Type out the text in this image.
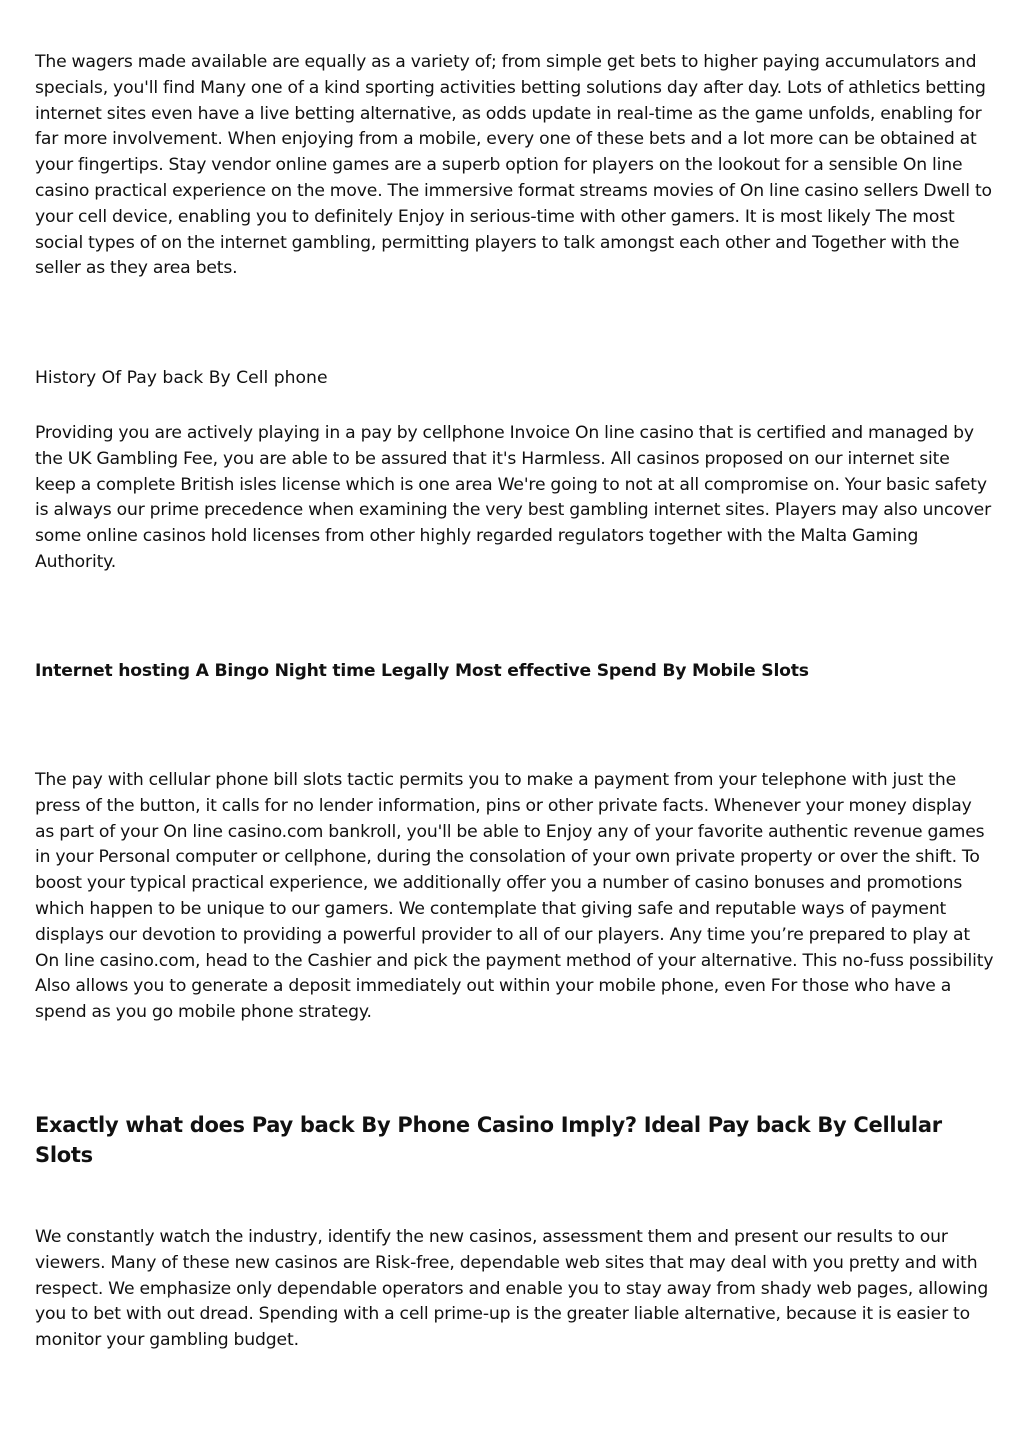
The wagers made available are equally as a variety of; from simple get bets to higher paying accumulators and specials, you'll find Many one of a kind sporting activities betting solutions day after day. Lots of athletics betting internet sites even have a live betting alternative, as odds update in real-time as the game unfolds, enabling for far more involvement. When enjoying from a mobile, every one of these bets and a lot more can be obtained at your fingertips. Stay vendor online games are a superb option for players on the lookout for a sensible On line casino practical experience on the move. The immersive format streams movies of On line casino sellers Dwell to your cell device, enabling you to definitely Enjoy in serious-time with other gamers. It is most likely The most social types of on the internet gambling, permitting players to talk amongst each other and Together with the seller as they area bets.

History Of Pay back By Cell phone

Providing you are actively playing in a pay by cellphone Invoice On line casino that is certified and managed by the UK Gambling Fee, you are able to be assured that it's Harmless. All casinos proposed on our internet site keep a complete British isles license which is one area We're going to not at all compromise on. Your basic safety is always our prime precedence when examining the very best gambling internet sites. Players may also uncover some online casinos hold licenses from other highly regarded regulators together with the Malta Gaming Authority.

Internet hosting A Bingo Night time Legally Most effective Spend By Mobile Slots

The pay with cellular phone bill slots tactic permits you to make a payment from your telephone with just the press of the button, it calls for no lender information, pins or other private facts. Whenever your money display as part of your On line casino.com bankroll, you'll be able to Enjoy any of your favorite authentic revenue games in your Personal computer or cellphone, during the consolation of your own private property or over the shift. To boost your typical practical experience, we additionally offer you a number of casino bonuses and promotions which happen to be unique to our gamers. We contemplate that giving safe and reputable ways of payment displays our devotion to providing a powerful provider to all of our players. Any time you’re prepared to play at On line casino.com, head to the Cashier and pick the payment method of your alternative. This no-fuss possibility Also allows you to generate a deposit immediately out within your mobile phone, even For those who have a spend as you go mobile phone strategy.

Exactly what does Pay back By Phone Casino Imply? Ideal Pay back By Cellular Slots

We constantly watch the industry, identify the new casinos, assessment them and present our results to our viewers. Many of these new casinos are Risk-free, dependable web sites that may deal with you pretty and with respect. We emphasize only dependable operators and enable you to stay away from shady web pages, allowing you to bet with out dread. Spending with a cell prime-up is the greater liable alternative, because it is easier to monitor your gambling budget.
